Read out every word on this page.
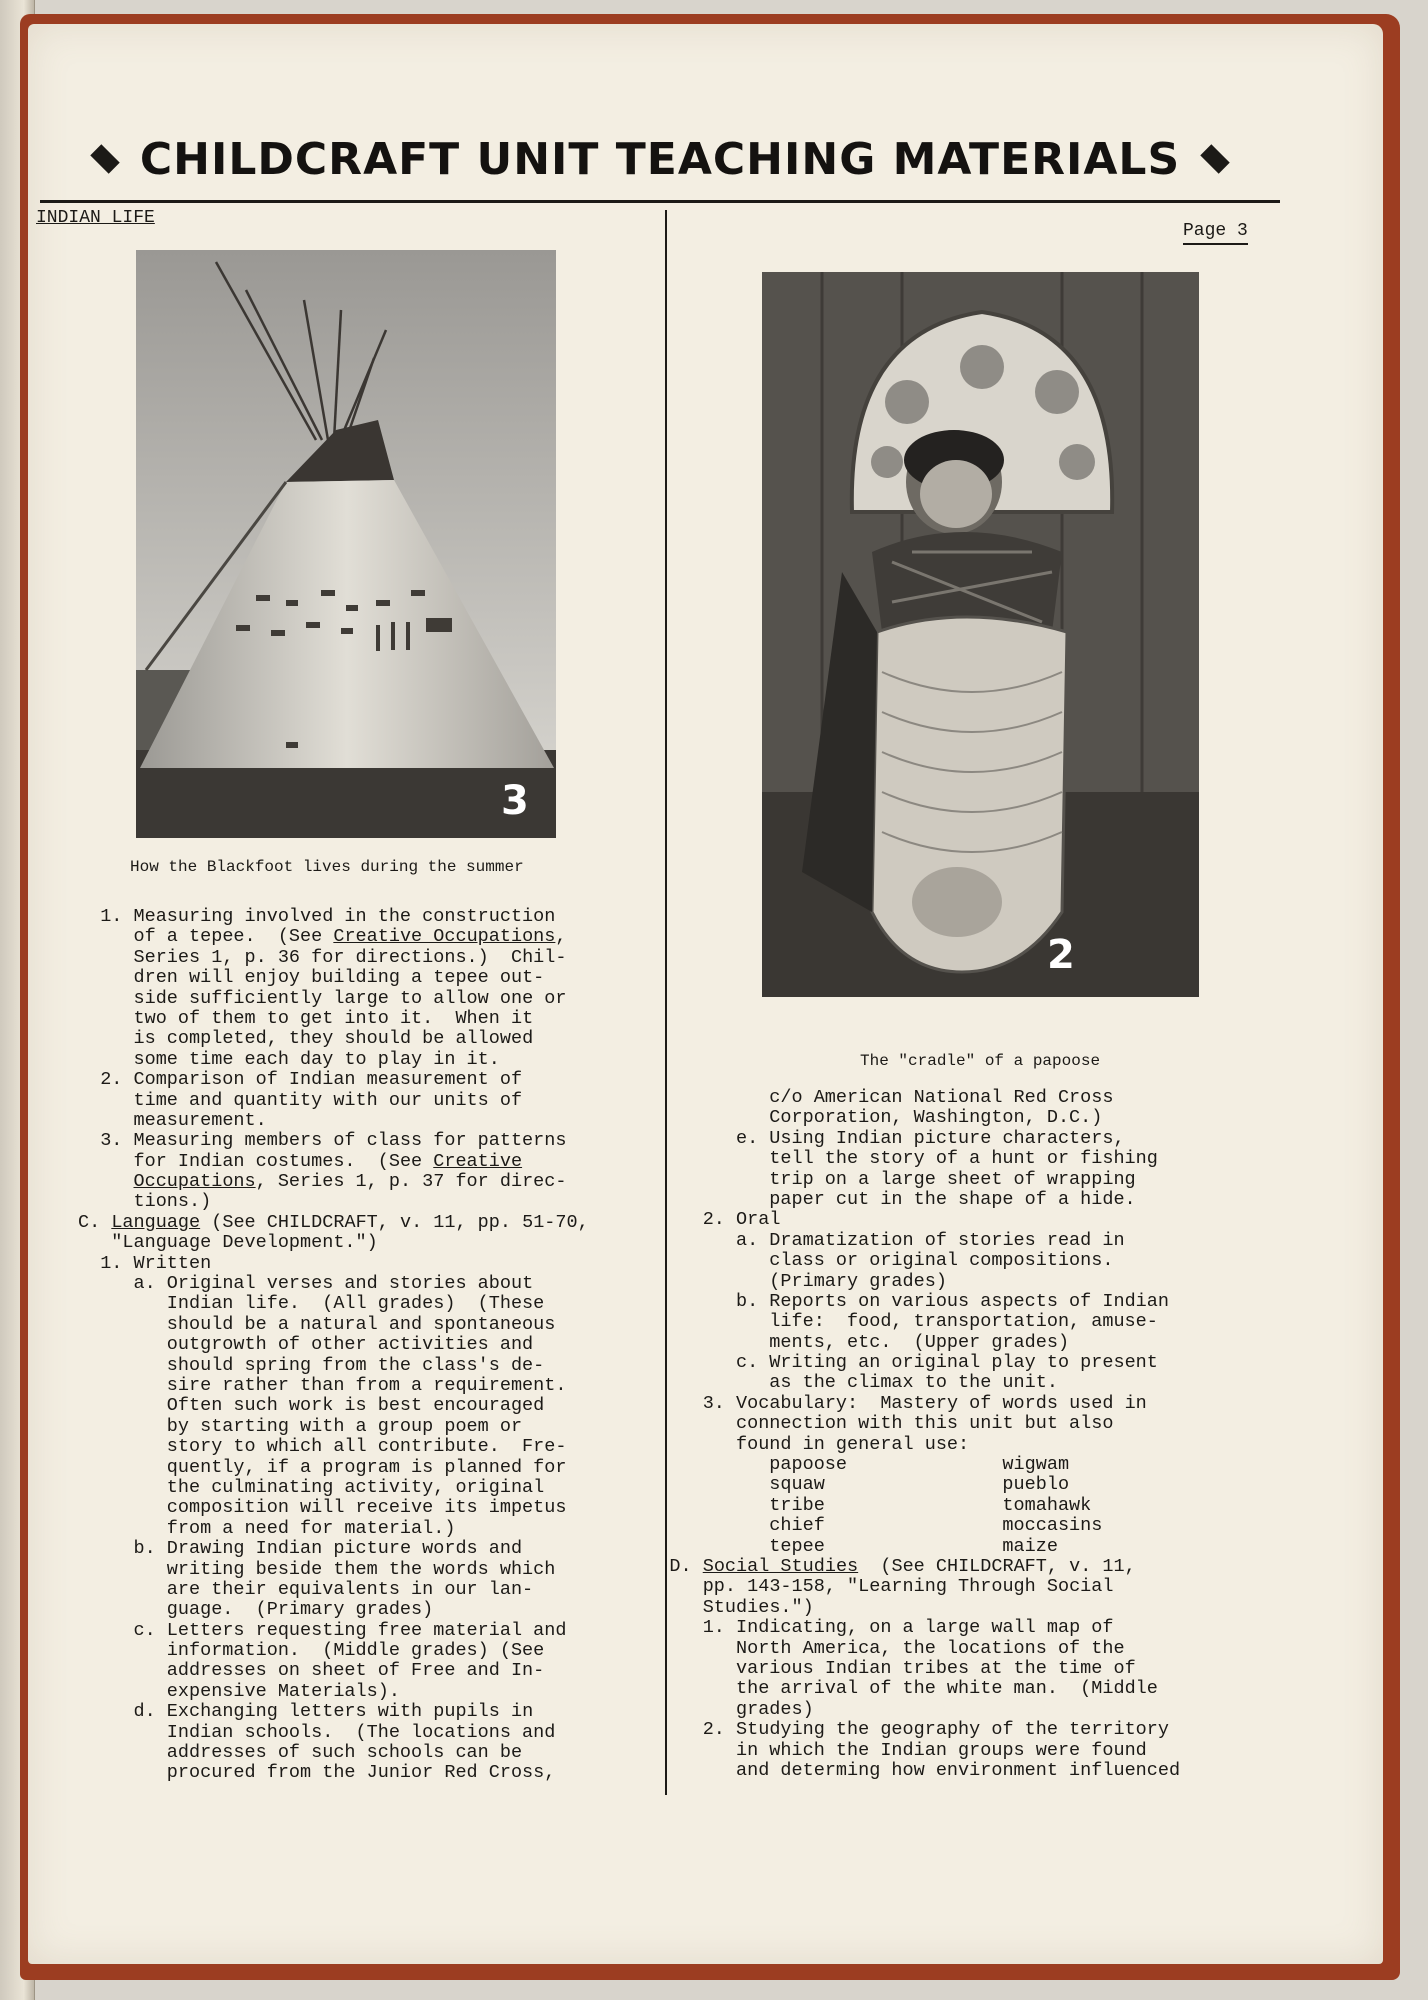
CHILDCRAFT UNIT TEACHING MATERIALS
INDIAN LIFE
Page 3
3
How the Blackfoot lives during the summer
2
The "cradle" of a papoose
1. Measuring involved in the construction
of a tepee.  (See Creative Occupations,
Series 1, p. 36 for directions.)  Chil-
dren will enjoy building a tepee out-
side sufficiently large to allow one or
two of them to get into it.  When it
is completed, they should be allowed
some time each day to play in it.
2. Comparison of Indian measurement of
time and quantity with our units of
measurement.
3. Measuring members of class for patterns
for Indian costumes.  (See Creative
Occupations, Series 1, p. 37 for direc-
tions.)
C. Language (See CHILDCRAFT, v. 11, pp. 51-70,
"Language Development.")
1. Written
a. Original verses and stories about
Indian life.  (All grades)  (These
should be a natural and spontaneous
outgrowth of other activities and
should spring from the class's de-
sire rather than from a requirement.
Often such work is best encouraged
by starting with a group poem or
story to which all contribute.  Fre-
quently, if a program is planned for
the culminating activity, original
composition will receive its impetus
from a need for material.)
b. Drawing Indian picture words and
writing beside them the words which
are their equivalents in our lan-
guage.  (Primary grades)
c. Letters requesting free material and
information.  (Middle grades) (See
addresses on sheet of Free and In-
expensive Materials).
d. Exchanging letters with pupils in
Indian schools.  (The locations and
addresses of such schools can be
procured from the Junior Red Cross,
c/o American National Red Cross
Corporation, Washington, D.C.)
e. Using Indian picture characters,
tell the story of a hunt or fishing
trip on a large sheet of wrapping
paper cut in the shape of a hide.
2. Oral
a. Dramatization of stories read in
class or original compositions.
(Primary grades)
b. Reports on various aspects of Indian
life:  food, transportation, amuse-
ments, etc.  (Upper grades)
c. Writing an original play to present
as the climax to the unit.
3. Vocabulary:  Mastery of words used in
connection with this unit but also
found in general use:
papoose              wigwam
squaw                pueblo
tribe                tomahawk
chief                moccasins
tepee                maize
D. Social Studies  (See CHILDCRAFT, v. 11,
pp. 143-158, "Learning Through Social
Studies.")
1. Indicating, on a large wall map of
North America, the locations of the
various Indian tribes at the time of
the arrival of the white man.  (Middle
grades)
2. Studying the geography of the territory
in which the Indian groups were found
and determing how environment influenced
